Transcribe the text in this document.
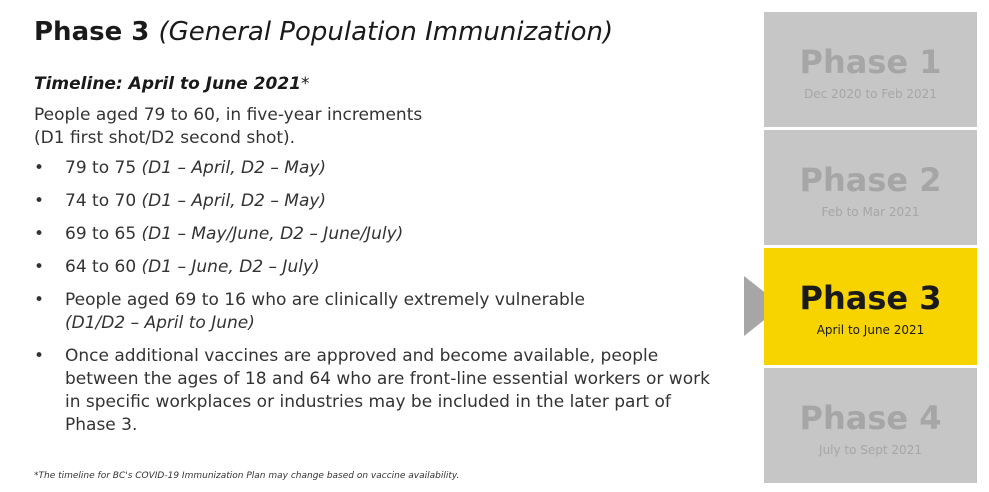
Phase 3 (General Population Immunization)
Timeline: April to June 2021*
People aged 79 to 60, in five-year increments
(D1 first shot/D2 second shot).
• 79 to 75 (D1 – April, D2 – May)
• 74 to 70 (D1 – April, D2 – May)
• 69 to 65 (D1 – May/June, D2 – June/July)
• 64 to 60 (D1 – June, D2 – July)
• People aged 69 to 16 who are clinically extremely vulnerable
(D1/D2 – April to June)
• Once additional vaccines are approved and become available, people between the ages of 18 and 64 who are front-line essential workers or work in specific workplaces or industries may be included in the later part of Phase 3.
*The timeline for BC's COVID-19 Immunization Plan may change based on vaccine availability.
Phase 1
Dec 2020 to Feb 2021
Phase 2
Feb to Mar 2021
Phase 3
April to June 2021
Phase 4
July to Sept 2021
